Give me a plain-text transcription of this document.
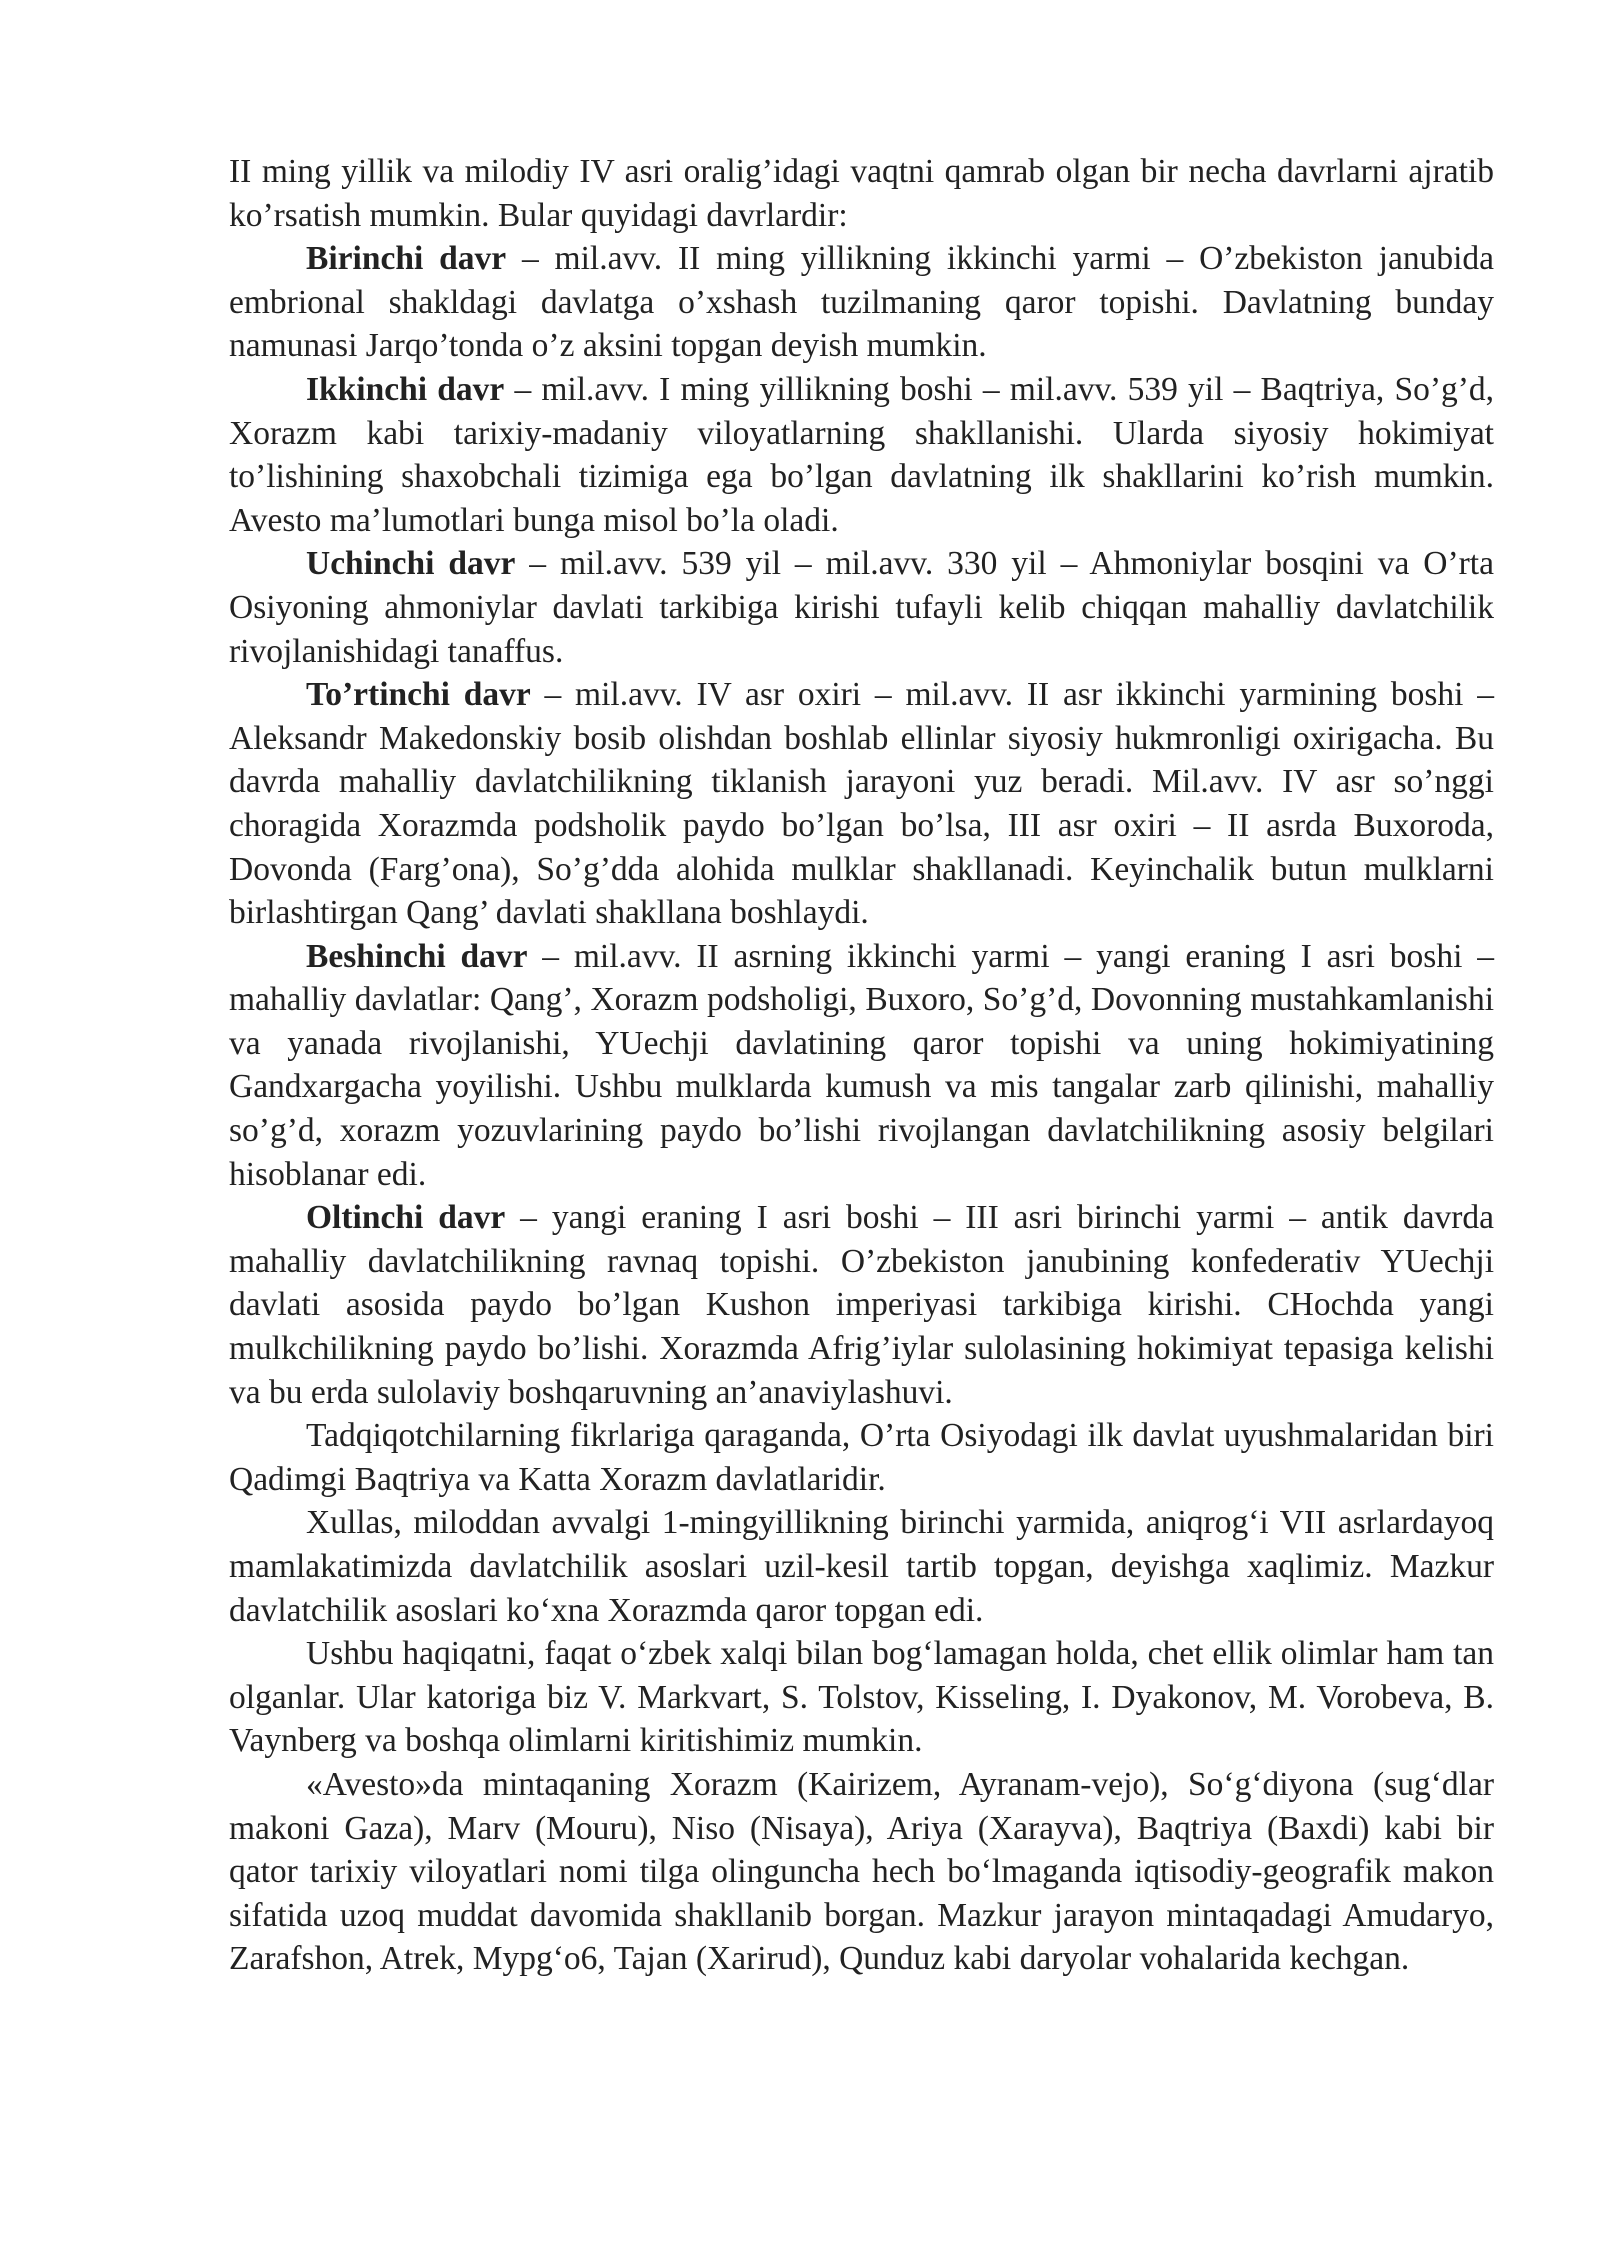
II ming yillik va milodiy IV asri oralig’idagi vaqtni qamrab olgan bir necha davrlarni ajratib ko’rsatish mumkin. Bular quyidagi davrlardir:

Birinchi davr – mil.avv. II ming yillikning ikkinchi yarmi – O’zbekiston janubida embrional shakldagi davlatga o’xshash tuzilmaning qaror topishi. Davlatning bunday namunasi Jarqo’tonda o’z aksini topgan deyish mumkin.

Ikkinchi davr – mil.avv. I ming yillikning boshi – mil.avv. 539 yil – Baqtriya, So’g’d, Xorazm kabi tarixiy-madaniy viloyatlarning shakllanishi. Ularda siyosiy hokimiyat to’lishining shaxobchali tizimiga ega bo’lgan davlatning ilk shakllarini ko’rish mumkin. Avesto ma’lumotlari bunga misol bo’la oladi.

Uchinchi davr – mil.avv. 539 yil – mil.avv. 330 yil – Ahmoniylar bosqini va O’rta Osiyoning ahmoniylar davlati tarkibiga kirishi tufayli kelib chiqqan mahalliy davlatchilik rivojlanishidagi tanaffus.

To’rtinchi davr – mil.avv. IV asr oxiri – mil.avv. II asr ikkinchi yarmining boshi – Aleksandr Makedonskiy bosib olishdan boshlab ellinlar siyosiy hukmronligi oxirigacha. Bu davrda mahalliy davlatchilikning tiklanish jarayoni yuz beradi. Mil.avv. IV asr so’nggi choragida Xorazmda podsholik paydo bo’lgan bo’lsa, III asr oxiri – II asrda Buxoroda, Dovonda (Farg’ona), So’g’dda alohida mulklar shakllanadi. Keyinchalik butun mulklarni birlashtirgan Qang’ davlati shakllana boshlaydi.

Beshinchi davr – mil.avv. II asrning ikkinchi yarmi – yangi eraning I asri boshi – mahalliy davlatlar: Qang’, Xorazm podsholigi, Buxoro, So’g’d, Dovonning mustahkamlanishi va yanada rivojlanishi, YUechji davlatining qaror topishi va uning hokimiyatining Gandxargacha yoyilishi. Ushbu mulklarda kumush va mis tangalar zarb qilinishi, mahalliy so’g’d, xorazm yozuvlarining paydo bo’lishi rivojlangan davlatchilikning asosiy belgilari hisoblanar edi.

Oltinchi davr – yangi eraning I asri boshi – III asri birinchi yarmi – antik davrda mahalliy davlatchilikning ravnaq topishi. O’zbekiston janubining konfederativ YUechji davlati asosida paydo bo’lgan Kushon imperiyasi tarkibiga kirishi. CHochda yangi mulkchilikning paydo bo’lishi. Xorazmda Afrig’iylar sulolasining hokimiyat tepasiga kelishi va bu erda sulolaviy boshqaruvning an’anaviylashuvi.

Tadqiqotchilarning fikrlariga qaraganda, O’rta Osiyodagi ilk davlat uyushmalaridan biri Qadimgi Baqtriya va Katta Xorazm davlatlaridir.

Xullas, miloddan avvalgi 1-mingyillikning birinchi yarmida, aniqrog‘i VII asrlardayoq mamlakatimizda davlatchilik asoslari uzil-kesil tartib topgan, deyishga xaqlimiz. Mazkur davlatchilik asoslari ko‘xna Xorazmda qaror topgan edi.

Ushbu haqiqatni, faqat o‘zbek xalqi bilan bog‘lamagan holda, chet ellik olimlar ham tan olganlar. Ular katoriga biz V. Markvart, S. Tolstov, Kisseling, I. Dyakonov, M. Vorobeva, B. Vaynberg va boshqa olimlarni kiritishimiz mumkin.

«Avesto»da mintaqaning Xorazm (Kairizem, Ayranam-vejo), So‘g‘diyona (sug‘dlar makoni Gaza), Marv (Mouru), Niso (Nisaya), Ariya (Xarayva), Baqtriya (Baxdi) kabi bir qator tarixiy viloyatlari nomi tilga olinguncha hech bo‘lmaganda iqtisodiy-geografik makon sifatida uzoq muddat davomida shakllanib borgan. Mazkur jarayon mintaqadagi Amudaryo, Zarafshon, Atrek, Mypg‘o6, Tajan (Xarirud), Qunduz kabi daryolar vohalarida kechgan.
